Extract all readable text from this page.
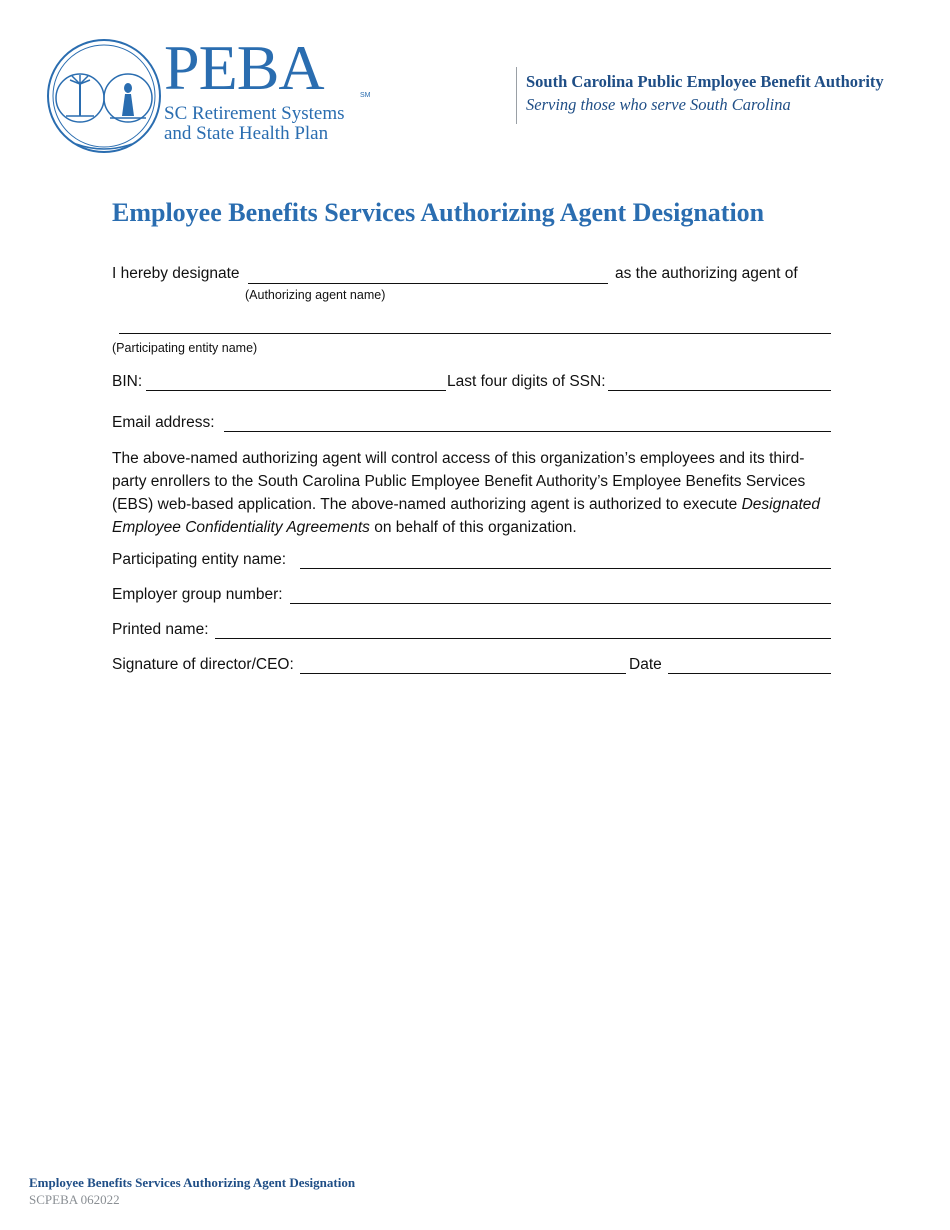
PEBA	SM
SC Retirement Systems
and State Health Plan
South Carolina Public Employee Benefit Authority
Serving those who serve South Carolina
Employee Benefits Services Authorizing Agent Designation
I hereby designate	as the authorizing agent of
(Authorizing agent name)
(Participating entity name)
BIN:	Last four digits of SSN:
Email address:
The above-named authorizing agent will control access of this organization’s employees and its third-party enrollers to the South Carolina Public Employee Benefit Authority’s Employee Benefits Services (EBS) web-based application. The above-named authorizing agent is authorized to execute Designated Employee Confidentiality Agreements on behalf of this organization.
Participating entity name:
Employer group number:
Printed name:
Signature of director/CEO:	Date
Employee Benefits Services Authorizing Agent Designation
SCPEBA 062022
